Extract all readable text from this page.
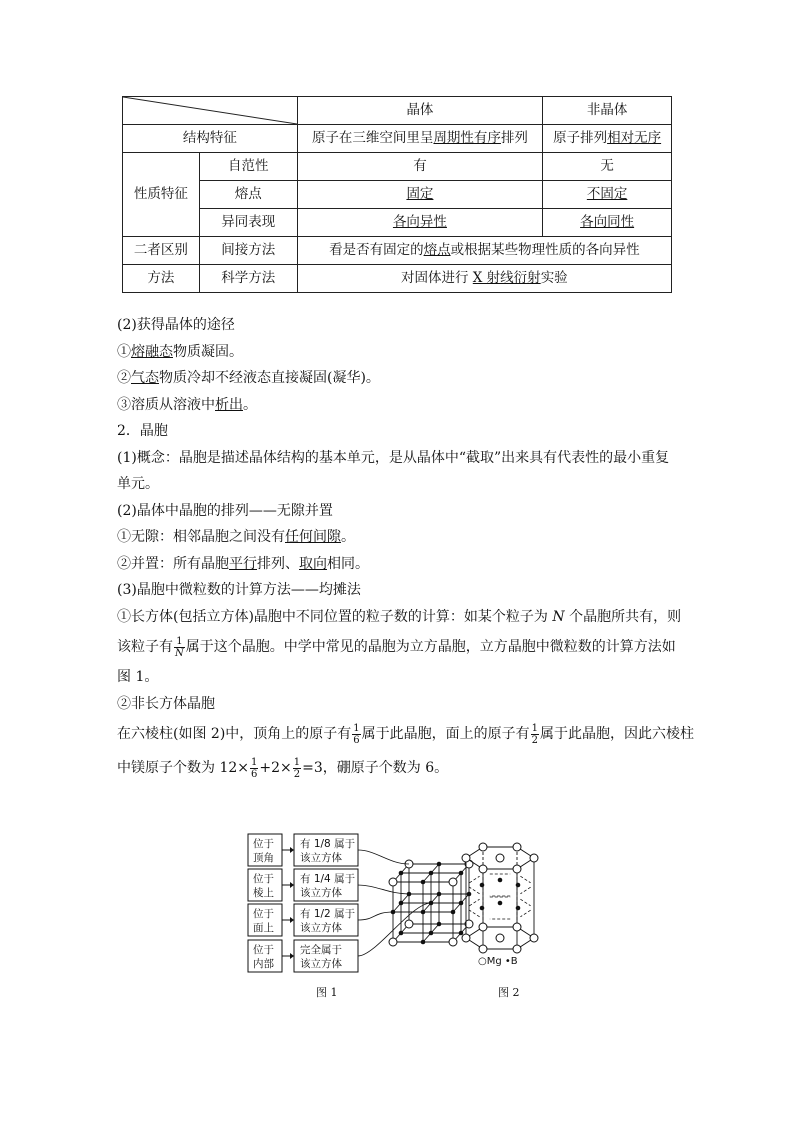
	晶体	非晶体
结构特征		原子在三维空间里呈周期性有序排列	原子排列相对无序
性质特征	自范性	有	无
	熔点	固定	不固定
	异同表现	各向异性	各向同性
二者区别	间接方法	看是否有固定的熔点或根据某些物理性质的各向异性	
方法	科学方法	对固体进行 X 射线衍射实验	
(2)获得晶体的途径
①熔融态物质凝固。
②气态物质冷却不经液态直接凝固(凝华)。
③溶质从溶液中析出。
2．晶胞
(1)概念：晶胞是描述晶体结构的基本单元，是从晶体中“截取”出来具有代表性的最小重复
单元。
(2)晶体中晶胞的排列——无隙并置
①无隙：相邻晶胞之间没有任何间隙。
②并置：所有晶胞平行排列、取向相同。
(3)晶胞中微粒数的计算方法——均摊法
①长方体(包括立方体)晶胞中不同位置的粒子数的计算：如某个粒子为 N 个晶胞所共有，则
该粒子有 $\frac{1}{N}$ 属于这个晶胞。中学中常见的晶胞为立方晶胞，立方晶胞中微粒数的计算方法如
图 1。
②非长方体晶胞
在六棱柱(如图 2)中，顶角上的原子有 $\frac{1}{6}$ 属于此晶胞，面上的原子有 $\frac{1}{2}$ 属于此晶胞，因此六棱柱
中镁原子个数为 $12\times \frac{1}{6} +2\times \frac{1}{2} =3$，硼原子个数为 6。
位于
顶角
有 1/8 属于
该立方体
位于
棱上
有 1/4 属于
该立方体
位于
面上
有 1/2 属于
该立方体
位于
内部
完全属于
该立方体	○Mg •B
图 1	图 2
